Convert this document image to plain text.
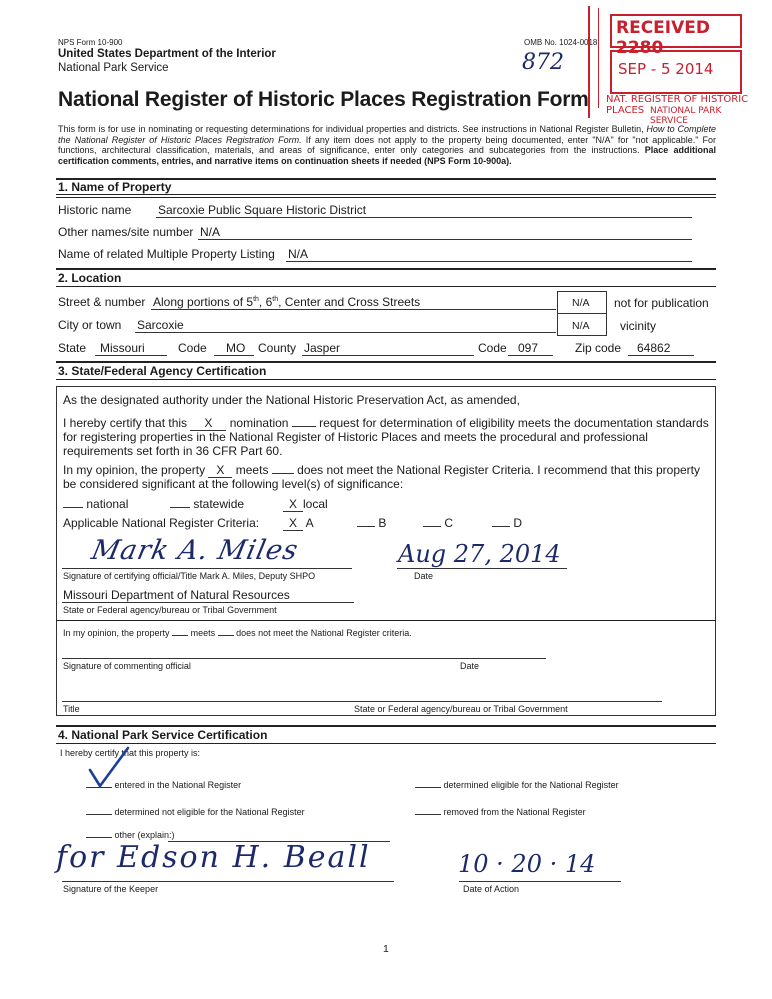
NPS Form 10-900
United States Department of the Interior
National Park Service
OMB No. 1024-0018
872
RECEIVED 2280
SEP - 5 2014
NAT. REGISTER OF HISTORIC PLACES NATIONAL PARK SERVICE
National Register of Historic Places Registration Form
This form is for use in nominating or requesting determinations for individual properties and districts. See instructions in National Register Bulletin, How to Complete the National Register of Historic Places Registration Form. If any item does not apply to the property being documented, enter "N/A" for "not applicable." For functions, architectural classification, materials, and areas of significance, enter only categories and subcategories from the instructions. Place additional certification comments, entries, and narrative items on continuation sheets if needed (NPS Form 10-900a).
1. Name of Property
Historic name Sarcoxie Public Square Historic District
Other names/site number N/A
Name of related Multiple Property Listing N/A
2. Location
Street & number Along portions of 5th, 6th, Center and Cross Streets	N/A not for publication
City or town Sarcoxie	N/A	vicinity
State Missouri	Code MO County Jasper	Code 097	Zip code 64862
3. State/Federal Agency Certification
As the designated authority under the National Historic Preservation Act, as amended,
I hereby certify that this X nomination	request for determination of eligibility meets the documentation standards
for registering properties in the National Register of Historic Places and meets the procedural and professional
requirements set forth in 36 CFR Part 60.
In my opinion, the property X meets does not meet the National Register Criteria. I recommend that this property
be considered significant at the following level(s) of significance:
national	statewide	X local
Applicable National Register Criteria:	X A	B	C	D
Mark A. Miles	Aug 27, 2014
Signature of certifying official/Title Mark A. Miles, Deputy SHPO	Date
Missouri Department of Natural Resources
State or Federal agency/bureau or Tribal Government
In my opinion, the property meets does not meet the National Register criteria.
Signature of commenting official	Date
Title	State or Federal agency/bureau or Tribal Government
4. National Park Service Certification
I hereby certify that this property is:
entered in the National Register	determined eligible for the National Register
determined not eligible for the National Register	removed from the National Register
other (explain:)
for Edson H. Beall	10 · 20 · 14
Signature of the Keeper	Date of Action
1
